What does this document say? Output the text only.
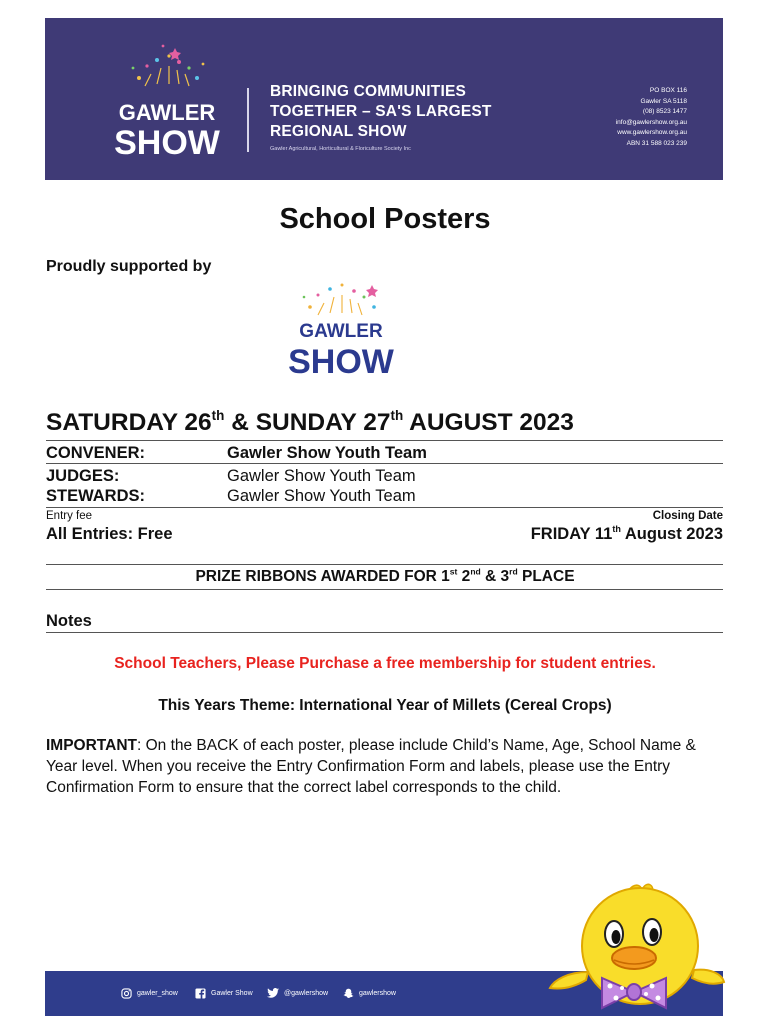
GAWLER
SHOW
BRINGING COMMUNITIES
TOGETHER – SA'S LARGEST
REGIONAL SHOW
Gawler Agricultural, Horticultural & Floriculture Society Inc
PO BOX 116
Gawler SA 5118
(08) 8523 1477
info@gawlershow.org.au
www.gawlershow.org.au
ABN 31 588 023 239
School Posters
Proudly supported by
GAWLER
SHOW
SATURDAY 26th & SUNDAY 27th AUGUST 2023
CONVENER:	Gawler Show Youth Team
JUDGES:	Gawler Show Youth Team
STEWARDS:	Gawler Show Youth Team
Entry fee	Closing Date
All Entries: Free	FRIDAY 11th August 2023
PRIZE RIBBONS AWARDED FOR 1st 2nd & 3rd PLACE
Notes
School Teachers, Please Purchase a free membership for student entries.
This Years Theme: International Year of Millets (Cereal Crops)
IMPORTANT: On the BACK of each poster, please include Child’s Name, Age, School Name & Year level. When you receive the Entry Confirmation Form and labels, please use the Entry Confirmation Form to ensure that the correct label corresponds to the child.
gawler_show	Gawler Show	@gawlershow	gawlershow
